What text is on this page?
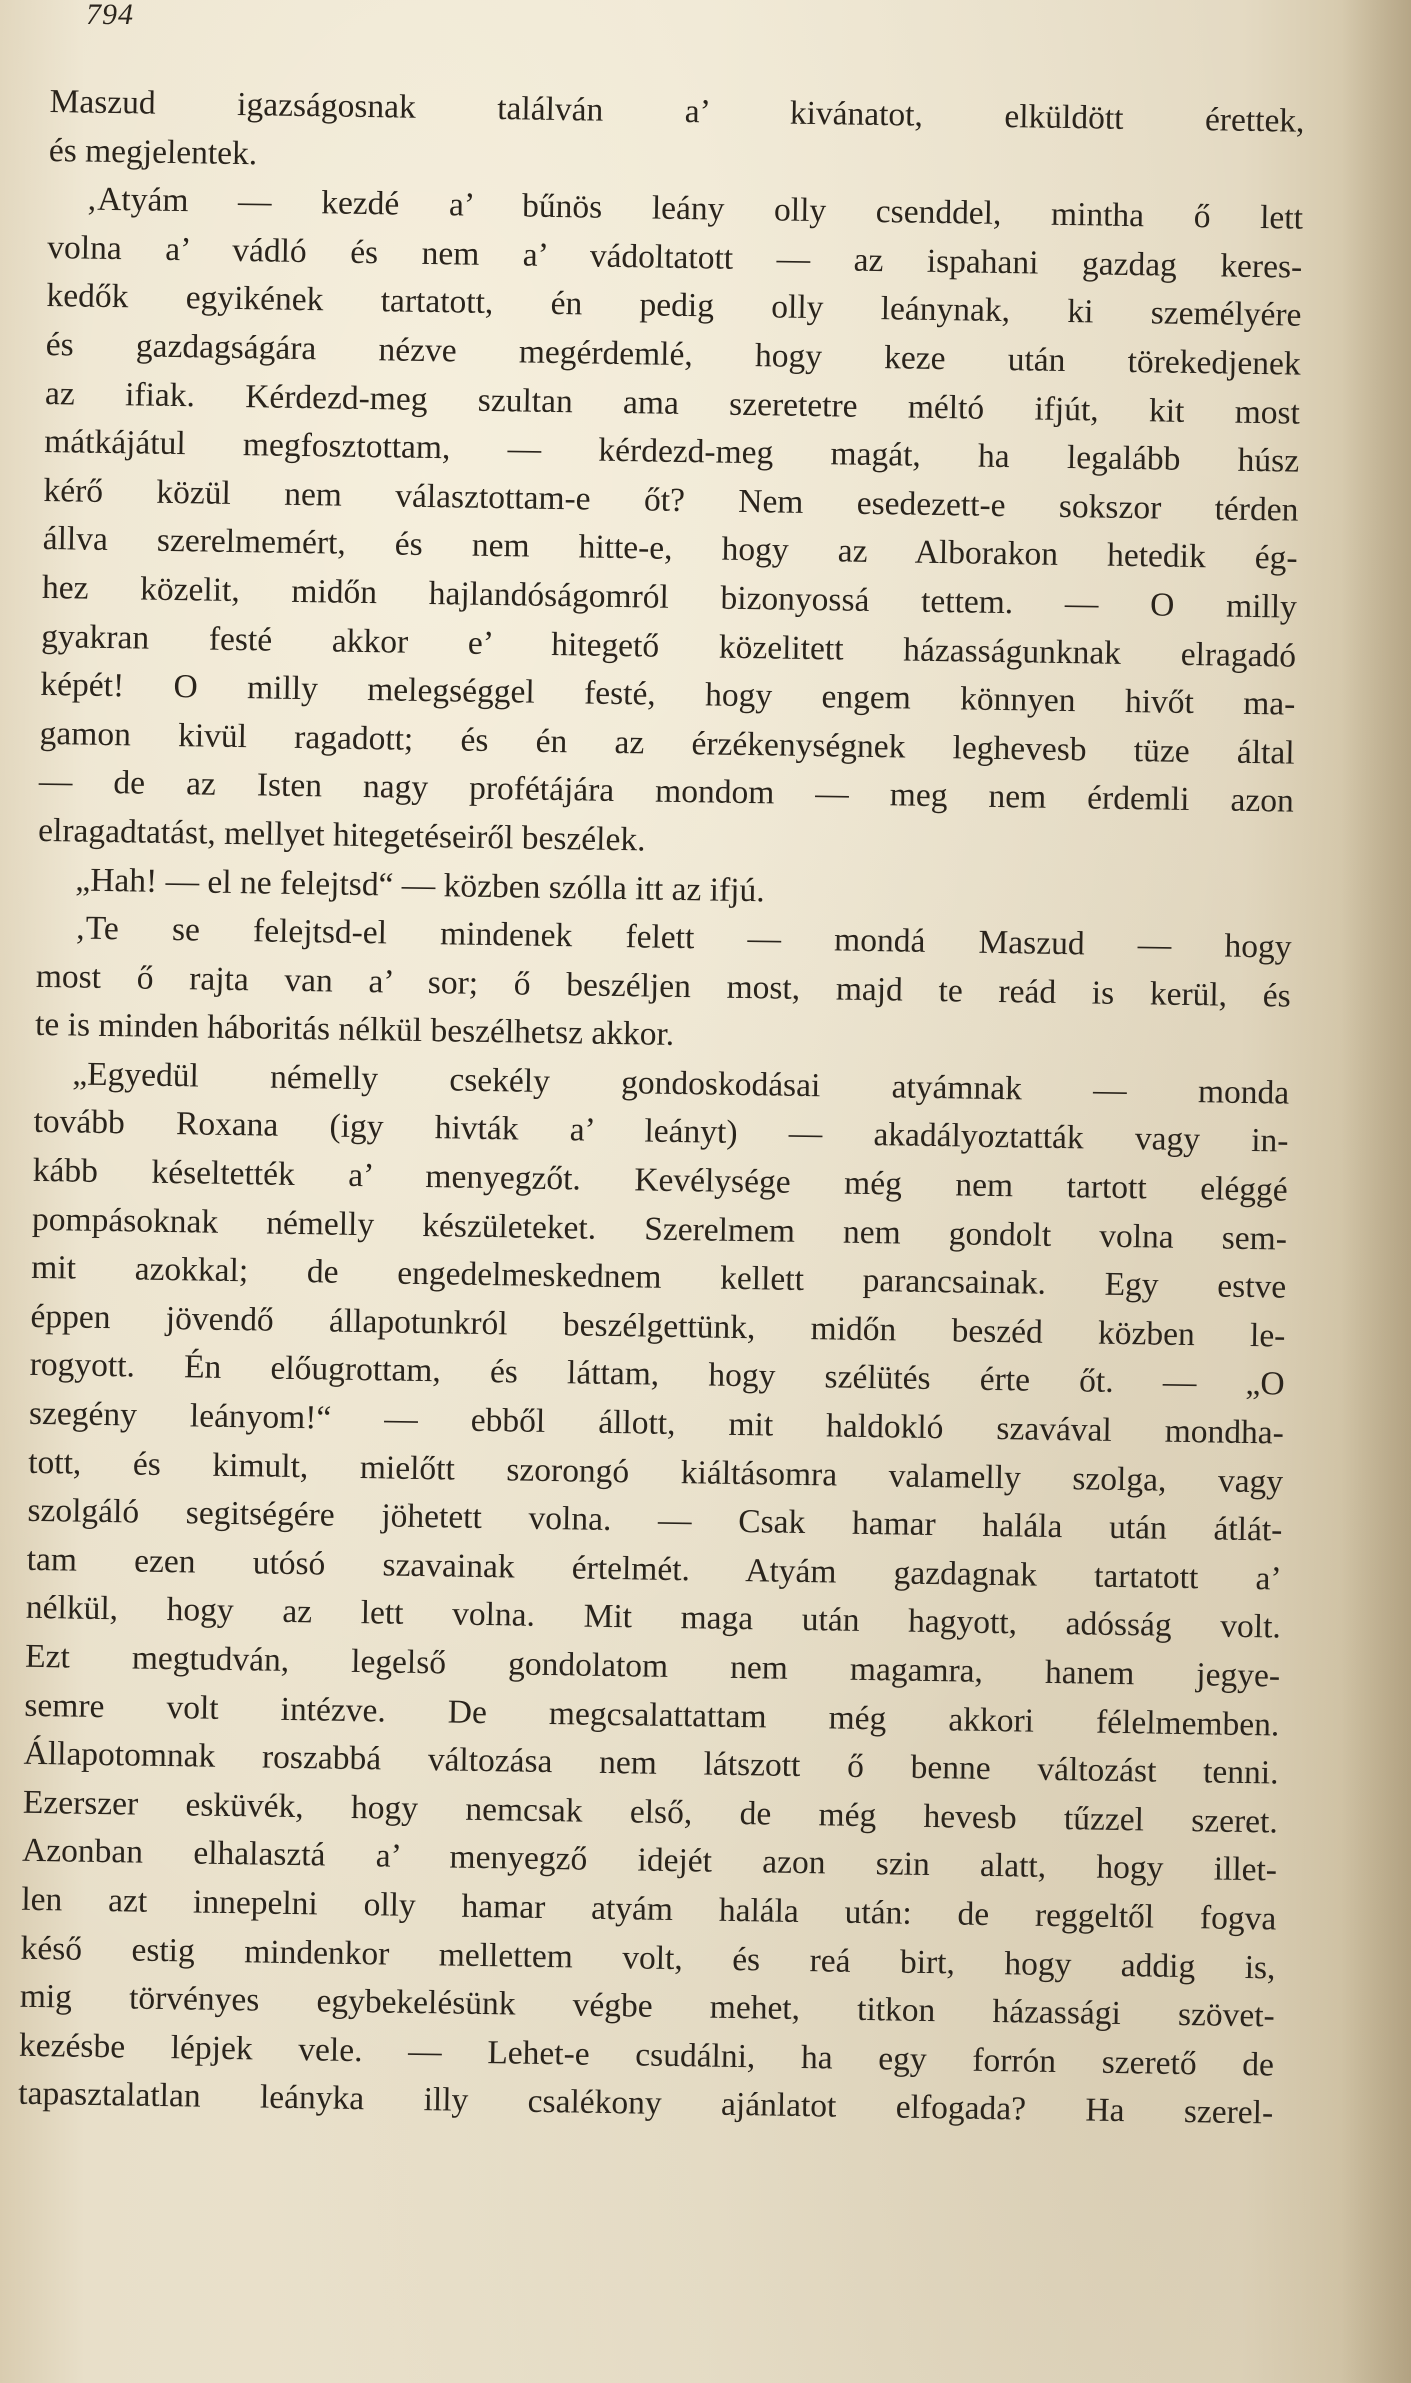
794
Maszud igazságosnak találván a’ kivánatot, elküldött érettek,
és megjelentek.
‚Atyám — kezdé a’ bűnös leány olly csenddel, mintha ő lett
volna a’ vádló és nem a’ vádoltatott — az ispahani gazdag keres-
kedők egyikének tartatott, én pedig olly leánynak, ki személyére
és gazdagságára nézve megérdemlé, hogy keze után törekedjenek
az ifiak. Kérdezd-meg szultan ama szeretetre méltó ifjút, kit most
mátkájátul megfosztottam, — kérdezd-meg magát, ha legalább húsz
kérő közül nem választottam-e őt? Nem esedezett-e sokszor térden
állva szerelmemért, és nem hitte-e, hogy az Alborakon hetedik ég-
hez közelit, midőn hajlandóságomról bizonyossá tettem. — O milly
gyakran festé akkor e’ hitegető közelitett házasságunknak elragadó
képét! O milly melegséggel festé, hogy engem könnyen hivőt ma-
gamon kivül ragadott; és én az érzékenységnek leghevesb tüze által
— de az Isten nagy profétájára mondom — meg nem érdemli azon
elragadtatást, mellyet hitegetéseiről beszélek.
„Hah! — el ne felejtsd“ — közben szólla itt az ifjú.
‚Te se felejtsd-el mindenek felett — mondá Maszud — hogy
most ő rajta van a’ sor; ő beszéljen most, majd te reád is kerül, és
te is minden háboritás nélkül beszélhetsz akkor.
„Egyedül némelly csekély gondoskodásai atyámnak — monda
tovább Roxana (igy hivták a’ leányt) — akadályoztatták vagy in-
kább késeltették a’ menyegzőt. Kevélysége még nem tartott eléggé
pompásoknak némelly készületeket. Szerelmem nem gondolt volna sem-
mit azokkal; de engedelmeskednem kellett parancsainak. Egy estve
éppen jövendő állapotunkról beszélgettünk, midőn beszéd közben le-
rogyott. Én előugrottam, és láttam, hogy szélütés érte őt. — „O
szegény leányom!“ — ebből állott, mit haldokló szavával mondha-
tott, és kimult, mielőtt szorongó kiáltásomra valamelly szolga, vagy
szolgáló segitségére jöhetett volna. — Csak hamar halála után átlát-
tam ezen utósó szavainak értelmét. Atyám gazdagnak tartatott a’
nélkül, hogy az lett volna. Mit maga után hagyott, adósság volt.
Ezt megtudván, legelső gondolatom nem magamra, hanem jegye-
semre volt intézve. De megcsalattattam még akkori félelmemben.
Állapotomnak roszabbá változása nem látszott ő benne változást tenni.
Ezerszer esküvék, hogy nemcsak első, de még hevesb tűzzel szeret.
Azonban elhalasztá a’ menyegző idejét azon szin alatt, hogy illet-
len azt innepelni olly hamar atyám halála után: de reggeltől fogva
késő estig mindenkor mellettem volt, és reá birt, hogy addig is,
mig törvényes egybekelésünk végbe mehet, titkon házassági szövet-
kezésbe lépjek vele. — Lehet-e csudálni, ha egy forrón szerető de
tapasztalatlan leányka illy csalékony ajánlatot elfogada? Ha szerel-
